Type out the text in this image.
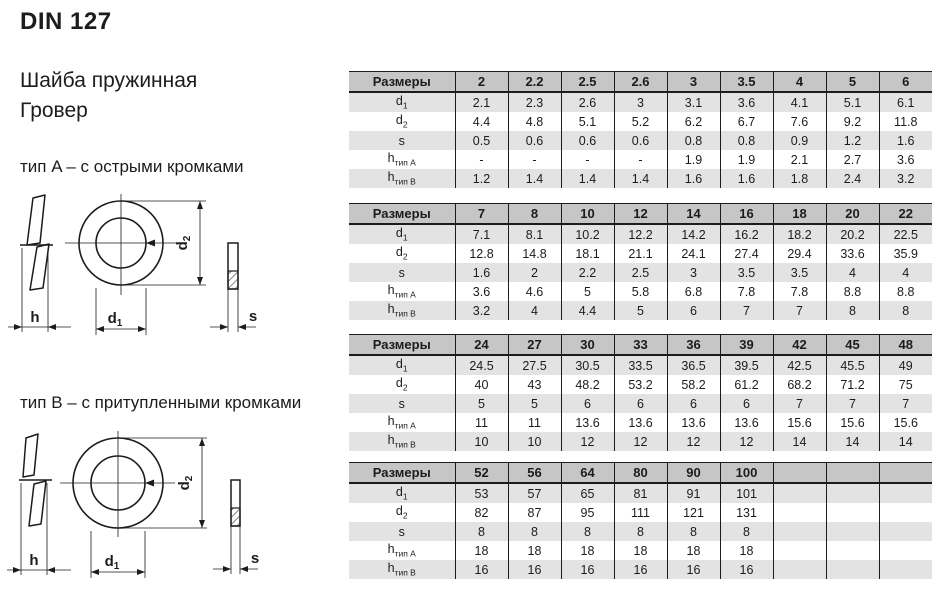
DIN 127
Шайба пружинная
Гровер
тип A – с острыми кромками
тип B – с притупленными кромками
h
$d_2$
$d_1$	s
h
$d_2$
$d_1$	s
Размеры	2	2.2	2.5	2.6	3	3.5	4	5	6
$d_1$	2.1	2.3	2.6	3	3.1	3.6	4.1	5.1	6.1
$d_2$	4.4	4.8	5.1	5.2	6.2	6.7	7.6	9.2	11.8
s	0.5	0.6	0.6	0.6	0.8	0.8	0.9	1.2	1.6
$h_{тип A}$	-	-	-	-	1.9	1.9	2.1	2.7	3.6
$h_{тип B}$	1.2	1.4	1.4	1.4	1.6	1.6	1.8	2.4	3.2
Размеры	7	8	10	12	14	16	18	20	22
$d_1$	7.1	8.1	10.2	12.2	14.2	16.2	18.2	20.2	22.5
$d_2$	12.8	14.8	18.1	21.1	24.1	27.4	29.4	33.6	35.9
s	1.6	2	2.2	2.5	3	3.5	3.5	4	4
$h_{тип A}$	3.6	4.6	5	5.8	6.8	7.8	7.8	8.8	8.8
$h_{тип B}$	3.2	4	4.4	5	6	7	7	8	8
Размеры	24	27	30	33	36	39	42	45	48
$d_1$	24.5	27.5	30.5	33.5	36.5	39.5	42.5	45.5	49
$d_2$	40	43	48.2	53.2	58.2	61.2	68.2	71.2	75
s	5	5	6	6	6	6	7	7	7
$h_{тип A}$	11	11	13.6	13.6	13.6	13.6	15.6	15.6	15.6
$h_{тип B}$	10	10	12	12	12	12	14	14	14
Размеры	52	56	64	80	90	100			
$d_1$	53	57	65	81	91	101			
$d_2$	82	87	95	111	121	131			
s	8	8	8	8	8	8			
$h_{тип A}$	18	18	18	18	18	18			
$h_{тип B}$	16	16	16	16	16	16			
